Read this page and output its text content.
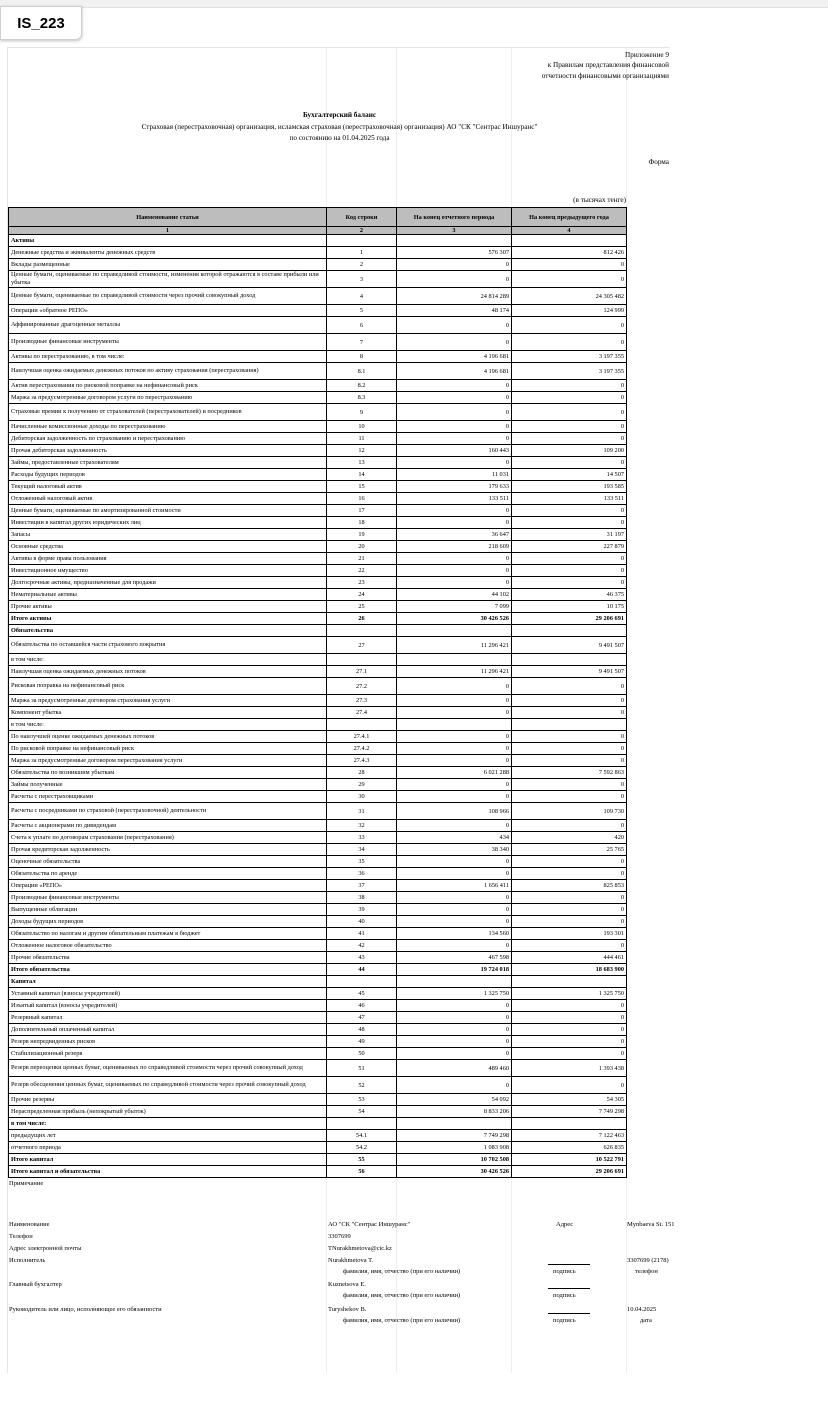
IS_223
Приложение 9
к Правилам представления финансовой
отчетности финансовыми организациями
Бухгалтерский баланс
Страховая (перестраховочная) организация, исламская страховая (перестраховочная) организация) АО "СК "Сентрас Иншуранс"
по состоянию на 01.04.2025 года
Форма
(в тысячах тенге)
Наименование статьи	Код строки	На конец отчетного периода	На конец предыдущего года
1	2	3	4
Активы			
Денежные средства и эквиваленты денежных средств	1	576 307	812 426
Вклады размещенные	2	0	0
Ценные бумаги, оцениваемые по справедливой стоимости, изменения которой отражаются в составе прибыли или убытка	3	0	0
Ценные бумаги, оцениваемые по справедливой стоимости через прочий совокупный доход	4	24 814 289	24 305 482
Операции «обратное РЕПО»	5	48 174	124 999
Аффинированные драгоценные металлы	6	0	0
Производные финансовые инструменты	7	0	0
Активы по перестрахованию, в том числе:	8	4 196 681	3 197 355
Наилучшая оценка ожидаемых денежных потоков по активу страхования (перестрахования)	8.1	4 196 681	3 197 355
Актив перестрахования по рисковой поправке на нефинансовый риск	8.2	0	0
Маржа за предусмотренные договором услуги по перестрахованию	8.3	0	0
Страховые премии к получению от страхователей (перестрахователей) и посредников	9	0	0
Начисленные комиссионные доходы по перестрахованию	10	0	0
Дебиторская задолженность по страхованию и перестрахованию	11	0	0
Прочая дебиторская задолженность	12	160 443	109 200
Займы, предоставленные страхователям	13	0	0
Расходы будущих периодов	14	11 031	14 507
Текущий налоговый актив	15	179 633	193 585
Отложенный налоговый актив	16	133 511	133 511
Ценные бумаги, оцениваемые по амортизированной стоимости	17	0	0
Инвестиции в капитал других юридических лиц	18	0	0
Запасы	19	36 647	31 197
Основные средства	20	218 609	227 879
Активы в форме права пользования	21	0	0
Инвестиционное имущество	22	0	0
Долгосрочные активы, предназначенные для продажи	23	0	0
Нематериальные активы	24	44 102	46 375
Прочие активы	25	7 099	10 175
Итого активы	26	30 426 526	29 206 691
Обязательства			
Обязательства по оставшейся части страхового покрытия	27	11 296 421	9 491 507
в том числе:			
Наилучшая оценка ожидаемых денежных потоков	27.1	11 296 421	9 491 507
Рисковая поправка на нефинансовый риск	27.2	0	0
Маржа за предусмотренные договором страхования услуги	27.3	0	0
Компонент убытка	27.4	0	0
в том числе:			
По наилучшей оценке ожидаемых денежных потоков	27.4.1	0	0
По рисковой поправке на нефинансовый риск	27.4.2	0	0
Маржа за предусмотренные договором перестрахования услуги	27.4.3	0	0
Обязательства по возникшим убыткам	28	6 021 288	7 592 863
Займы полученные	29	0	0
Расчеты с перестраховщиками	30	0	0
Расчеты с посредниками по страховой (перестраховочной) деятельности	31	108 966	109 730
Расчеты с акционерами по дивидендам	32	0	0
Счета к уплате по договорам страхования (перестрахования)	33	434	420
Прочая кредиторская задолженность	34	38 340	25 765
Оценочные обязательства	35	0	0
Обязательства по аренде	36	0	0
Операции «РЕПО»	37	1 656 411	825 853
Производные финансовые инструменты	38	0	0
Выпущенные облигации	39	0	0
Доходы будущих периодов	40	0	0
Обязательство по налогам и другим обязательным платежам в бюджет	41	134 560	193 301
Отложенное налоговое обязательство	42	0	0
Прочие обязательства	43	467 598	444 461
Итого обязательства	44	19 724 018	18 683 900
Капитал			
Уставный капитал (взносы учредителей)	45	1 325 750	1 325 750
Изъятый капитал (взносы учредителей)	46	0	0
Резервный капитал	47	0	0
Дополнительный оплаченный капитал	48	0	0
Резерв непредвиденных рисков	49	0	0
Стабилизационный резерв	50	0	0
Резерв переоценки ценных бумаг, оцениваемых по справедливой стоимости через прочий совокупный доход	51	489 460	1 393 438
Резерв обесценения ценных бумаг, оцениваемых по справедливой стоимости через прочий совокупный доход	52	0	0
Прочие резервы	53	54 092	54 305
Нераспределенная прибыль (непокрытый убыток)	54	8 833 206	7 749 298
в том числе:			
предыдущих лет	54.1	7 749 298	7 122 463
отчетного периода	54.2	1 083 908	626 835
Итого капитал	55	10 702 508	10 522 791
Итого капитал и обязательства	56	30 426 526	29 206 691
Примечание
Наименование	АО "СК "Сентрас Иншуранс"	Адрес	Mynbaeva St. 151
Телефон	3307699
Адрес электронной почты	TNurakhmetova@cic.kz
Исполнитель	Nurakhmetova T.	3307699 (2178)
фамилия, имя, отчество (при его наличии)	подпись	телефон
Главный бухгалтер	Kuznetsova E.
фамилия, имя, отчество (при его наличии)	подпись
Руководитель или лицо, исполняющее его обязанности	Turyshekov B.	10.04.2025
фамилия, имя, отчество (при его наличии)	подпись	дата
